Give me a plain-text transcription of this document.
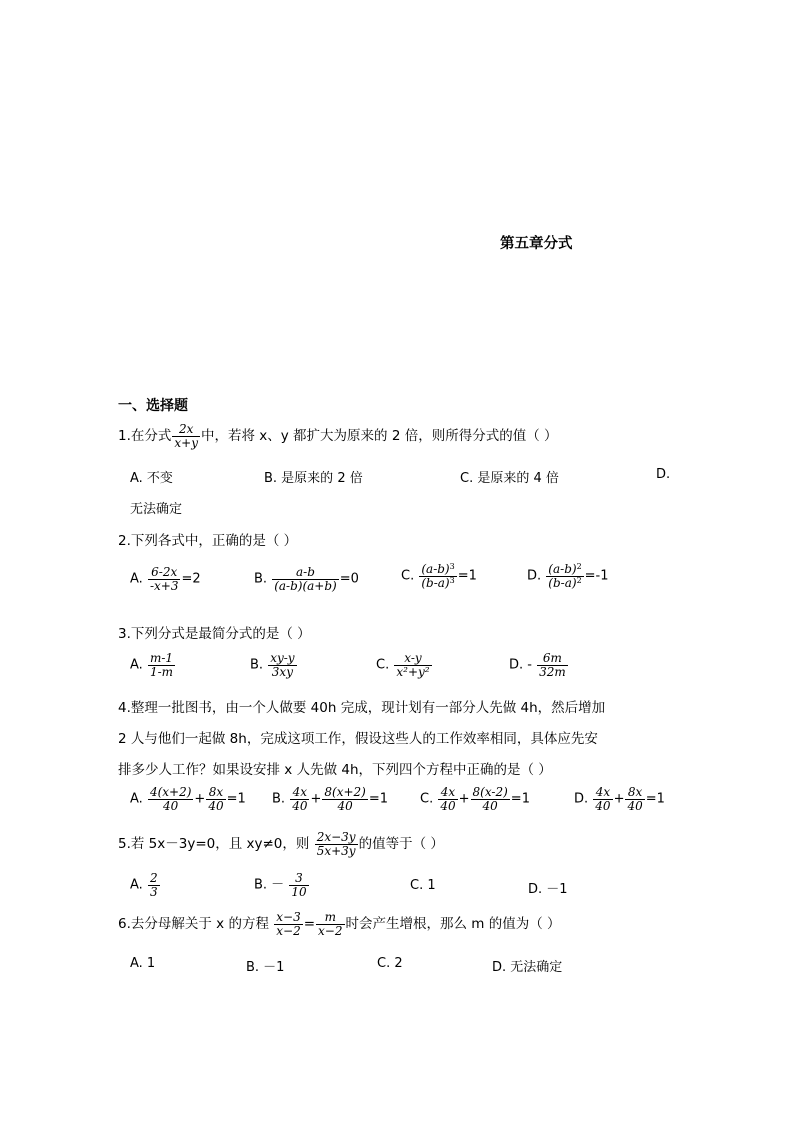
第五章分式
一、选择题
1.在分式 $\frac{2x}{x+y}$ 中，若将 x、y 都扩大为原来的 2 倍，则所得分式的值（ ）
A. 不变	B. 是原来的 2 倍	C. 是原来的 4 倍	D.
无法确定
2.下列各式中，正确的是（ ）
A. $\frac{6-2x}{-x+3} =2$	B. $\frac{a-b}{(a-b)(a+b)} =0$	C. $\frac{(a-b)^3}{(b-a)^3} =1$	D. $\frac{(a-b)^2}{(b-a)^2} =-1$
3.下列分式是最简分式的是（ ）
A. $\frac{m-1}{1-m}$	B. $\frac{xy-y}{3xy}$	C. $\frac{x-y}{\text{x²+y²}}$	D. - $\frac{6m}{32m}$
4.整理一批图书，由一个人做要 40h 完成，现计划有一部分人先做 4h，然后增加
2 人与他们一起做 8h，完成这项工作，假设这些人的工作效率相同，具体应先安
排多少人工作？如果设安排 x 人先做 4h，下列四个方程中正确的是（ ）
A. $\frac{4(x+2)}{40} + \frac{8x}{40} =1$ B. $\frac{4x}{40} + \frac{8(x+2)}{40} =1$ C. $\frac{4x}{40} + \frac{8(x-2)}{40} =1$	D. $\frac{4x}{40} + \frac{8x}{40} =1$
5.若 5x－3y=0，且 xy≠0，则 $\frac{2x-3y}{5x+3y}$ 的值等于（ ）
A. $\frac{2}{3}$	B. － $\frac{3}{10}$	C. 1	D. －1
6.去分母解关于 x 的方程 $\frac{x-3}{x-2} = \frac{m}{x-2}$ 时会产生增根，那么 m 的值为（ ）
A. 1	B. －1	C. 2	D. 无法确定
